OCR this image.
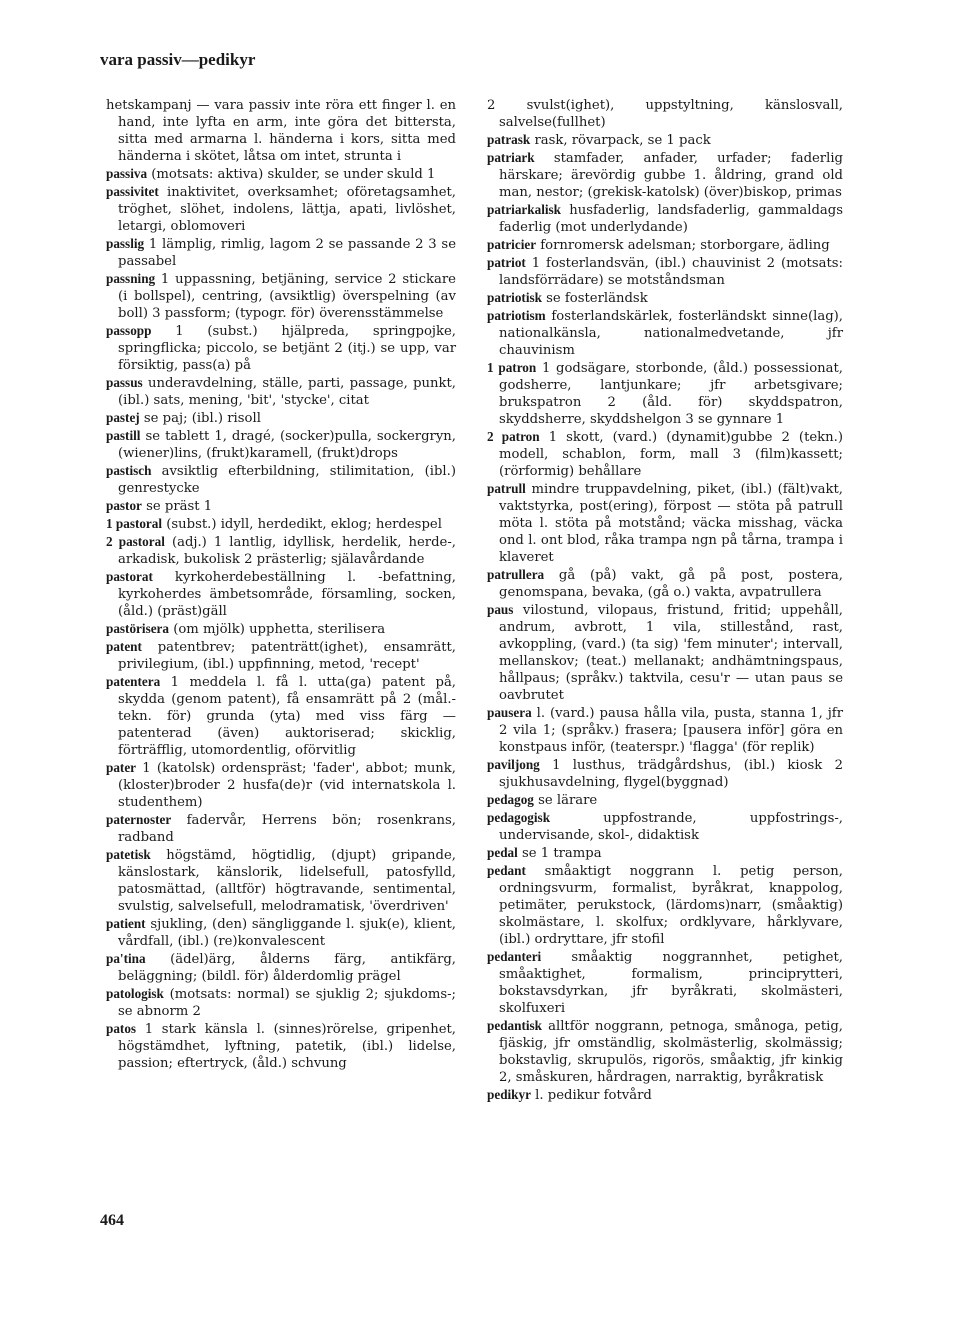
vara passiv—pedikyr

hetskampanj — vara passiv inte röra ett finger l. en hand, inte lyfta en arm, inte göra det bittersta, sitta med armarna l. händerna i kors, sitta med händerna i skötet, låtsa om intet, strunta i

passiva (motsats: aktiva) skulder, se under skuld 1

passivitet inaktivitet, overksamhet; oföretagsamhet, tröghet, slöhet, indolens, lättja, apati, livlöshet, letargi, oblomoveri

passlig 1 lämplig, rimlig, lagom 2 se passande 2 3 se passabel

passning 1 uppassning, betjäning, service 2 stickare (i bollspel), centring, (avsiktlig) överspelning (av boll) 3 passform; (typogr. för) överensstämmelse

passopp 1 (subst.) hjälpreda, springpojke, springflicka; piccolo, se betjänt 2 (itj.) se upp, var försiktig, pass(a) på

passus underavdelning, ställe, parti, passage, punkt, (ibl.) sats, mening, 'bit', 'stycke', citat

pastej se paj; (ibl.) risoll

pastill se tablett 1, dragé, (socker)pulla, sockergryn, (wiener)lins, (frukt)karamell, (frukt)drops

pastisch avsiktlig efterbildning, stilimitation, (ibl.) genrestycke

pastor se präst 1

1 pastoral (subst.) idyll, herdedikt, eklog; herdespel

2 pastoral (adj.) 1 lantlig, idyllisk, herdelik, herde-, arkadisk, bukolisk 2 prästerlig; själavårdande

pastorat kyrkoherdebeställning l. -befattning, kyrkoherdes ämbetsområde, församling, socken, (åld.) (präst)gäll

pastörisera (om mjölk) upphetta, sterilisera

patent patentbrev; patenträtt(ighet), ensamrätt, privilegium, (ibl.) uppfinning, metod, 'recept'

patentera 1 meddela l. få l. utta(ga) patent på, skydda (genom patent), få ensamrätt på 2 (mål.-tekn. för) grunda (yta) med viss färg — patenterad (även) auktoriserad; skicklig, förträfflig, utomordentlig, oförvitlig

pater 1 (katolsk) ordenspräst; 'fader', abbot; munk, (kloster)broder 2 husfa(de)r (vid internatskola l. studenthem)

paternoster fadervår, Herrens bön; rosenkrans, radband

patetisk högstämd, högtidlig, (djupt) gripande, känslostark, känslorik, lidelsefull, patosfylld, patosmättad, (alltför) högtravande, sentimental, svulstig, salvelsefull, melodramatisk, 'överdriven'

patient sjukling, (den) sängliggande l. sjuk(e), klient, vårdfall, (ibl.) (re)konvalescent

pa'tina (ädel)ärg, ålderns färg, antikfärg, beläggning; (bildl. för) ålderdomlig prägel

patologisk (motsats: normal) se sjuklig 2; sjukdoms-; se abnorm 2

patos 1 stark känsla l. (sinnes)rörelse, gripenhet, högstämdhet, lyftning, patetik, (ibl.) lidelse, passion; eftertryck, (åld.) schvung

2 svulst(ighet), uppstyltning, känslosvall, salvelse(fullhet)

patrask rask, rövarpack, se 1 pack

patriark stamfader, anfader, urfader; faderlig härskare; ärevördig gubbe 1. åldring, grand old man, nestor; (grekisk-katolsk) (över)biskop, primas

patriarkalisk husfaderlig, landsfaderlig, gammaldags faderlig (mot underlydande)

patricier fornromersk adelsman; storborgare, ädling

patriot 1 fosterlandsvän, (ibl.) chauvinist 2 (motsats: landsförrädare) se motståndsman

patriotisk se fosterländsk

patriotism fosterlandskärlek, fosterländskt sinne(lag), nationalkänsla, nationalmedvetande, jfr chauvinism

1 patron 1 godsägare, storbonde, (åld.) possessionat, godsherre, lantjunkare; jfr arbetsgivare; brukspatron 2 (åld. för) skyddspatron, skyddsherre, skyddshelgon 3 se gynnare 1

2 patron 1 skott, (vard.) (dynamit)gubbe 2 (tekn.) modell, schablon, form, mall 3 (film)kassett; (rörformig) behållare

patrull mindre truppavdelning, piket, (ibl.) (fält)vakt, vaktstyrka, post(ering), förpost — stöta på patrull möta l. stöta på motstånd; väcka misshag, väcka ond l. ont blod, råka trampa ngn på tårna, trampa i klaveret

patrullera gå (på) vakt, gå på post, postera, genomspana, bevaka, (gå o.) vakta, avpatrullera

paus vilostund, vilopaus, fristund, fritid; uppehåll, andrum, avbrott, 1 vila, stillestånd, rast, avkoppling, (vard.) (ta sig) 'fem minuter'; intervall, mellanskov; (teat.) mellanakt; andhämtningspaus, hållpaus; (språkv.) taktvila, cesu'r — utan paus se oavbrutet

pausera l. (vard.) pausa hålla vila, pusta, stanna 1, jfr 2 vila 1; (språkv.) frasera; [pausera inför] göra en konstpaus inför, (teaterspr.) 'flagga' (för replik)

paviljong 1 lusthus, trädgårdshus, (ibl.) kiosk 2 sjukhusavdelning, flygel(byggnad)

pedagog se lärare

pedagogisk	uppfostrande, uppfostrings-, undervisande, skol-, didaktisk

pedal se 1 trampa

pedant småaktigt noggrann l. petig person, ordningsvurm, formalist, byråkrat, knappolog, petimäter, perukstock, (lärdoms)narr, (småaktig) skolmästare, l. skolfux; ordklyvare, hårklyvare, (ibl.) ordryttare, jfr stofil

pedanteri småaktig noggrannhet, petighet, småaktighet, formalism, principrytteri, bokstavsdyrkan, jfr byråkrati, skolmästeri, skolfuxeri

pedantisk alltför noggrann, petnoga, smånoga, petig, fjäskig, jfr omständlig, skolmästerlig, skolmässig; bokstavlig, skrupulös, rigorös, småaktig, jfr kinkig 2, småskuren, hårdragen, narraktig, byråkratisk

pedikyr l. pedikur fotvård

464
